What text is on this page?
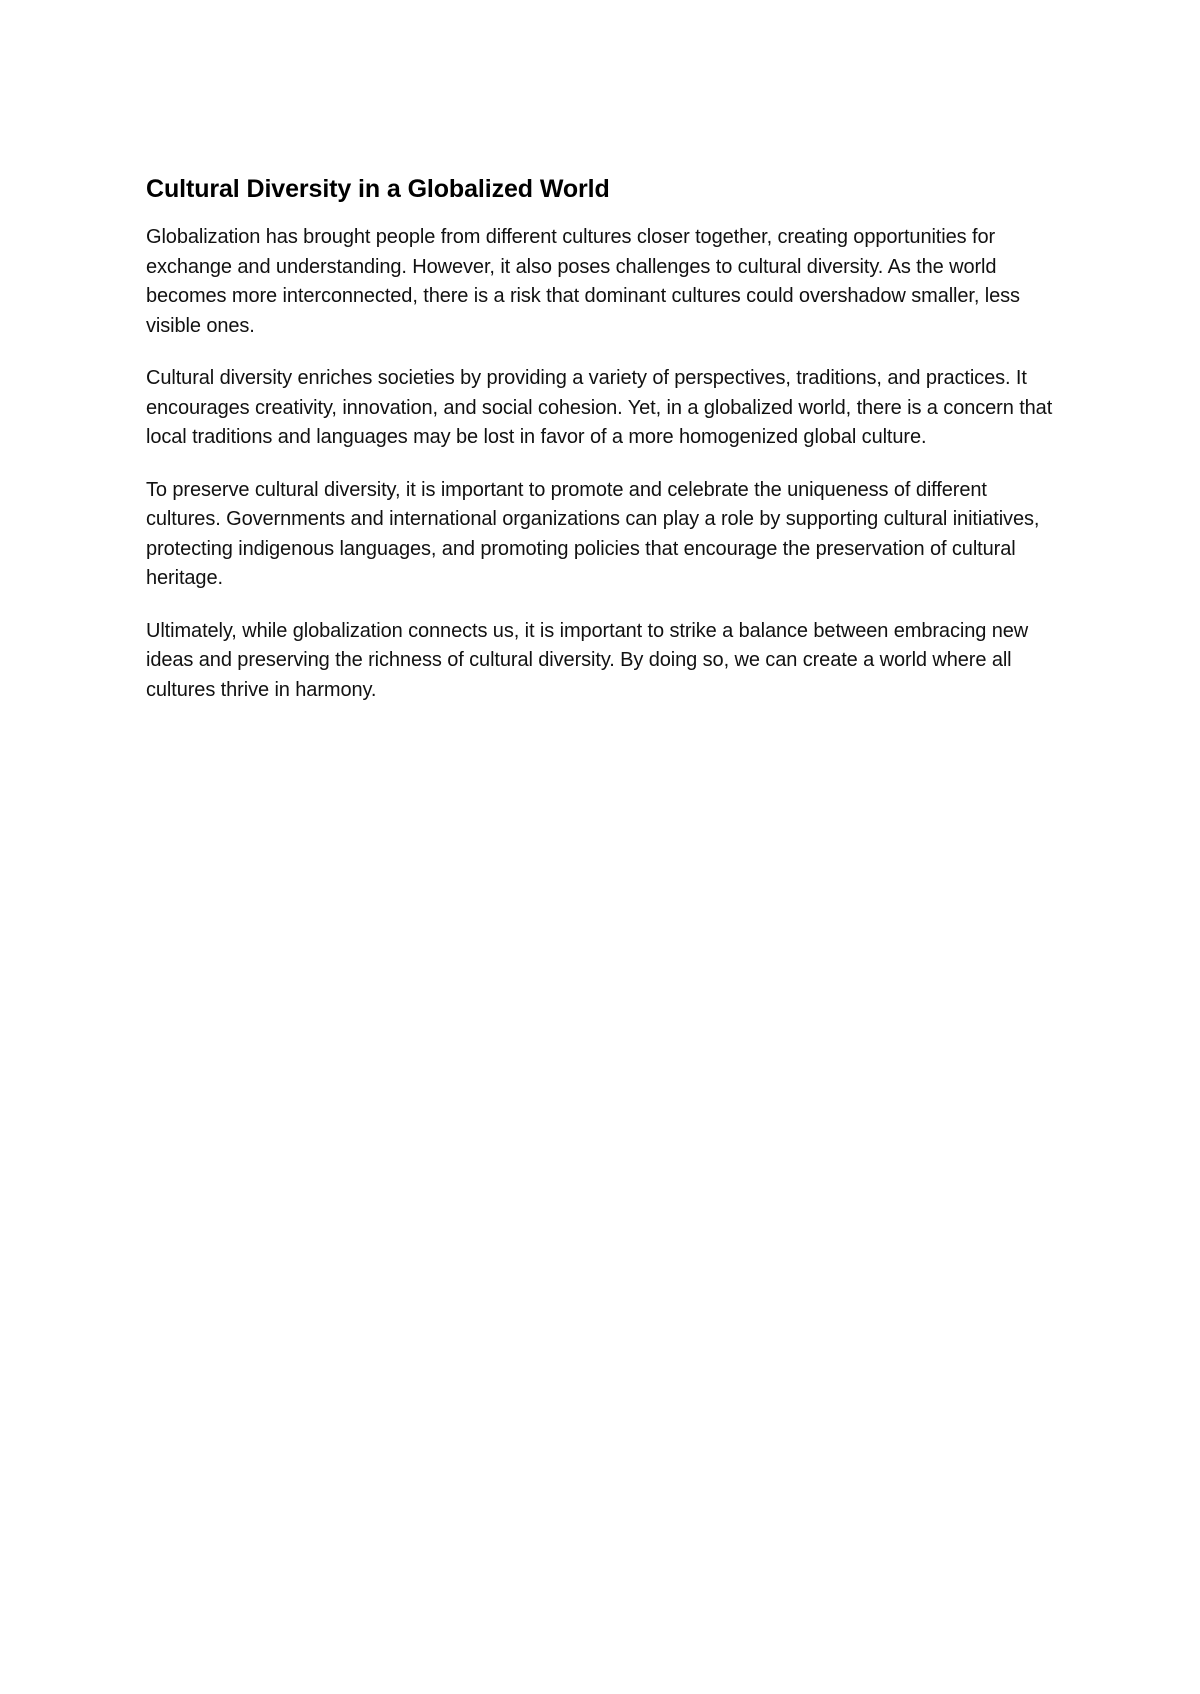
Cultural Diversity in a Globalized World

Globalization has brought people from different cultures closer together, creating opportunities for exchange and understanding. However, it also poses challenges to cultural diversity. As the world becomes more interconnected, there is a risk that dominant cultures could overshadow smaller, less visible ones.

Cultural diversity enriches societies by providing a variety of perspectives, traditions, and practices. It encourages creativity, innovation, and social cohesion. Yet, in a globalized world, there is a concern that local traditions and languages may be lost in favor of a more homogenized global culture.

To preserve cultural diversity, it is important to promote and celebrate the uniqueness of different cultures. Governments and international organizations can play a role by supporting cultural initiatives, protecting indigenous languages, and promoting policies that encourage the preservation of cultural heritage.

Ultimately, while globalization connects us, it is important to strike a balance between embracing new ideas and preserving the richness of cultural diversity. By doing so, we can create a world where all cultures thrive in harmony.
